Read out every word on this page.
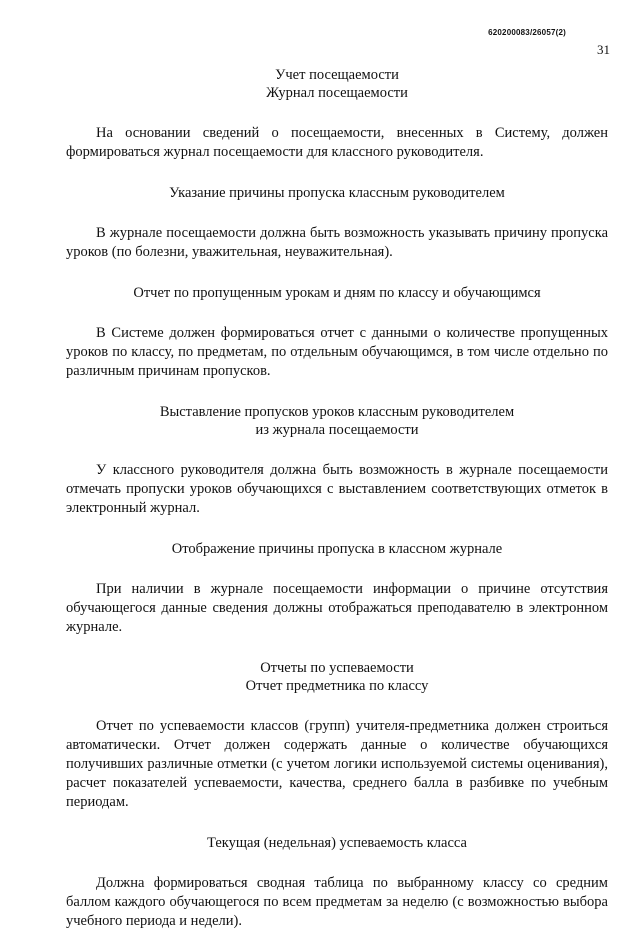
620200083/26057(2)
31
Учет посещаемости
Журнал посещаемости

На основании сведений о посещаемости, внесенных в Систему, должен формироваться журнал посещаемости для классного руководителя.

Указание причины пропуска классным руководителем

В журнале посещаемости должна быть возможность указывать причину пропуска уроков (по болезни, уважительная, неуважительная).

Отчет по пропущенным урокам и дням по классу и обучающимся

В Системе должен формироваться отчет с данными о количестве пропущенных уроков по классу, по предметам, по отдельным обучающимся, в том числе отдельно по различным причинам пропусков.

Выставление пропусков уроков классным руководителем
из журнала посещаемости

У классного руководителя должна быть возможность в журнале посещаемости отмечать пропуски уроков обучающихся с выставлением соответствующих отметок в электронный журнал.

Отображение причины пропуска в классном журнале

При наличии в журнале посещаемости информации о причине отсутствия обучающегося данные сведения должны отображаться преподавателю в электронном журнале.

Отчеты по успеваемости
Отчет предметника по классу

Отчет по успеваемости классов (групп) учителя-предметника должен строиться автоматически. Отчет должен содержать данные о количестве обучающихся получивших различные отметки (с учетом логики используемой системы оценивания), расчет показателей успеваемости, качества, среднего балла в разбивке по учебным периодам.

Текущая (недельная) успеваемость класса

Должна формироваться сводная таблица по выбранному классу со средним баллом каждого обучающегося по всем предметам за неделю (с возможностью выбора учебного периода и недели).
